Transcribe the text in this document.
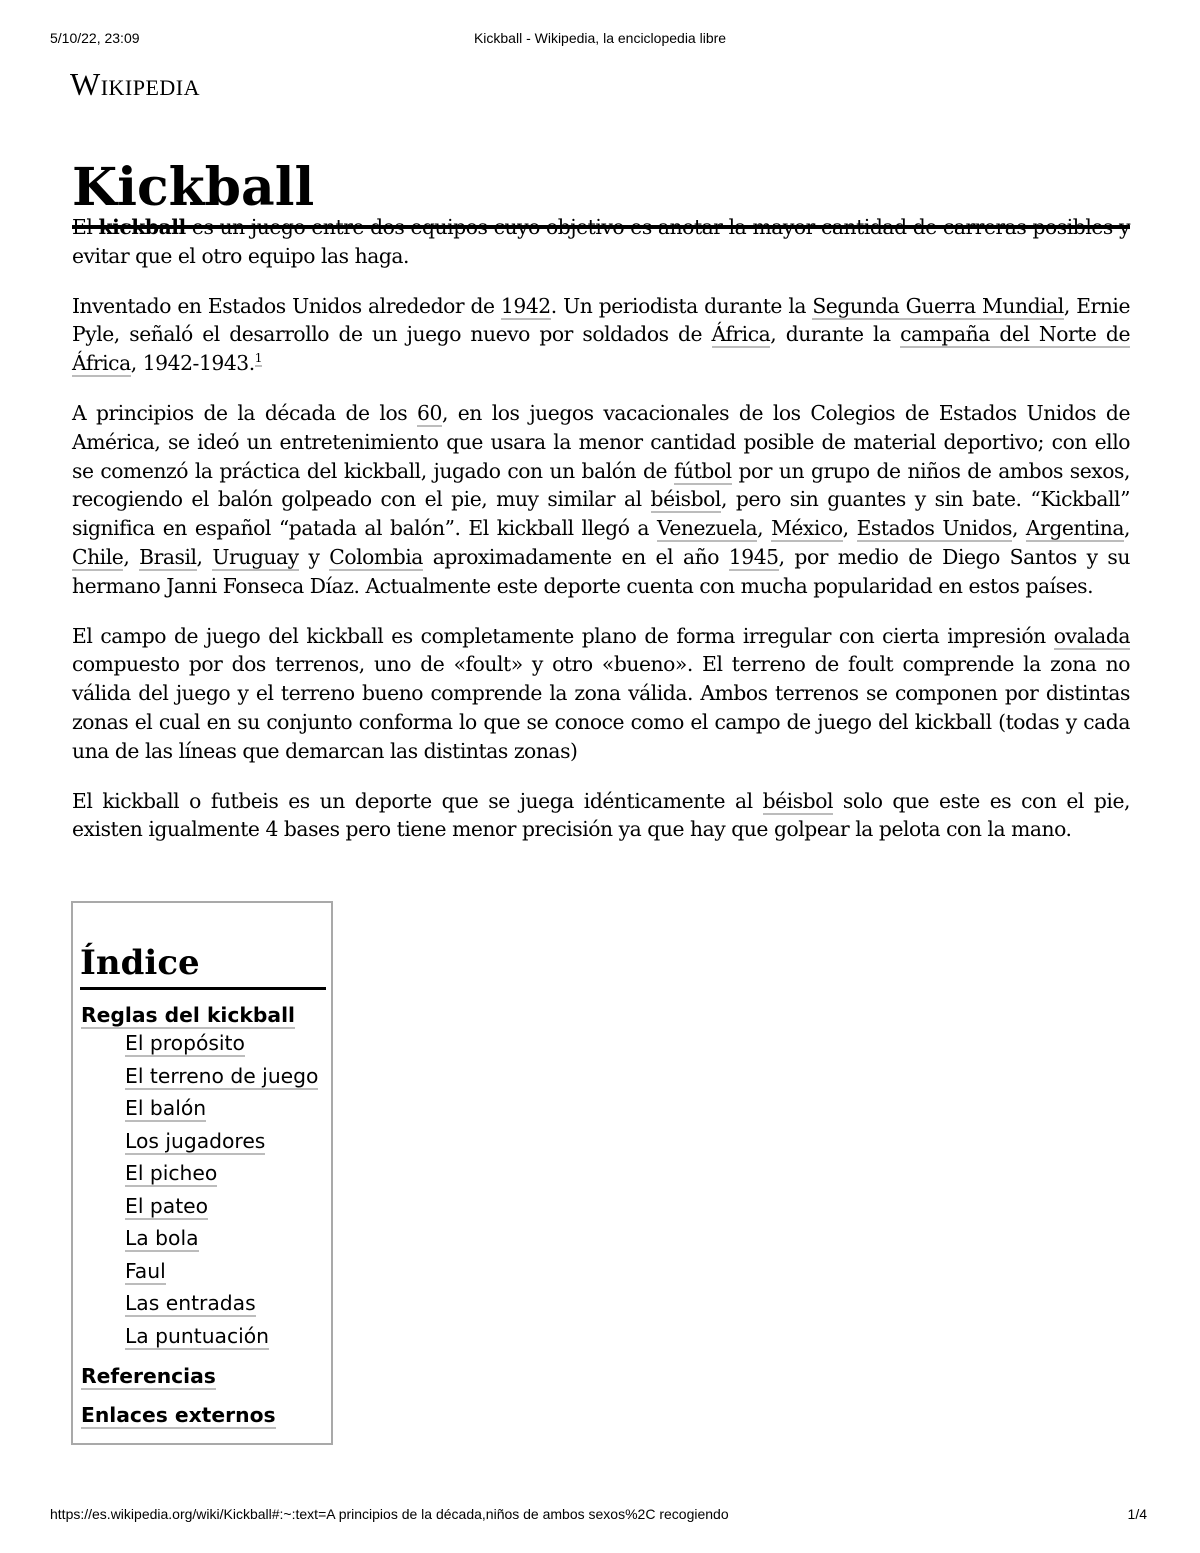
5/10/22, 23:09	Kickball - Wikipedia, la enciclopedia libre
Wikipedia
Kickball

El kickball es un juego entre dos equipos cuyo objetivo es anotar la mayor cantidad de carreras posibles y evitar que el otro equipo las haga.

Inventado en Estados Unidos alrededor de 1942. Un periodista durante la Segunda Guerra Mundial, Ernie Pyle, señaló el desarrollo de un juego nuevo por soldados de África, durante la campaña del Norte de África, 1942-1943.$^1$

A principios de la década de los 60, en los juegos vacacionales de los Colegios de Estados Unidos de América, se ideó un entretenimiento que usara la menor cantidad posible de material deportivo; con ello se comenzó la práctica del kickball, jugado con un balón de fútbol por un grupo de niños de ambos sexos, recogiendo el balón golpeado con el pie, muy similar al béisbol, pero sin guantes y sin bate. “Kickball” significa en español “patada al balón”. El kickball llegó a Venezuela, México, Estados Unidos, Argentina, Chile, Brasil, Uruguay y Colombia aproximadamente en el año 1945, por medio de Diego Santos y su hermano Janni Fonseca Díaz. Actualmente este deporte cuenta con mucha popularidad en estos países.

El campo de juego del kickball es completamente plano de forma irregular con cierta impresión ovalada compuesto por dos terrenos, uno de «foult» y otro «bueno». El terreno de foult comprende la zona no válida del juego y el terreno bueno comprende la zona válida. Ambos terrenos se componen por distintas zonas el cual en su conjunto conforma lo que se conoce como el campo de juego del kickball (todas y cada una de las líneas que demarcan las distintas zonas)

El kickball o futbeis es un deporte que se juega idénticamente al béisbol solo que este es con el pie, existen igualmente 4 bases pero tiene menor precisión ya que hay que golpear la pelota con la mano.

Índice
Reglas del kickball
El propósito
El terreno de juego
El balón
Los jugadores
El picheo
El pateo
La bola
Faul
Las entradas
La puntuación
Referencias
Enlaces externos
https://es.wikipedia.org/wiki/Kickball#:~:text=A principios de la década,niños de ambos sexos%2C recogiendo	1/4
